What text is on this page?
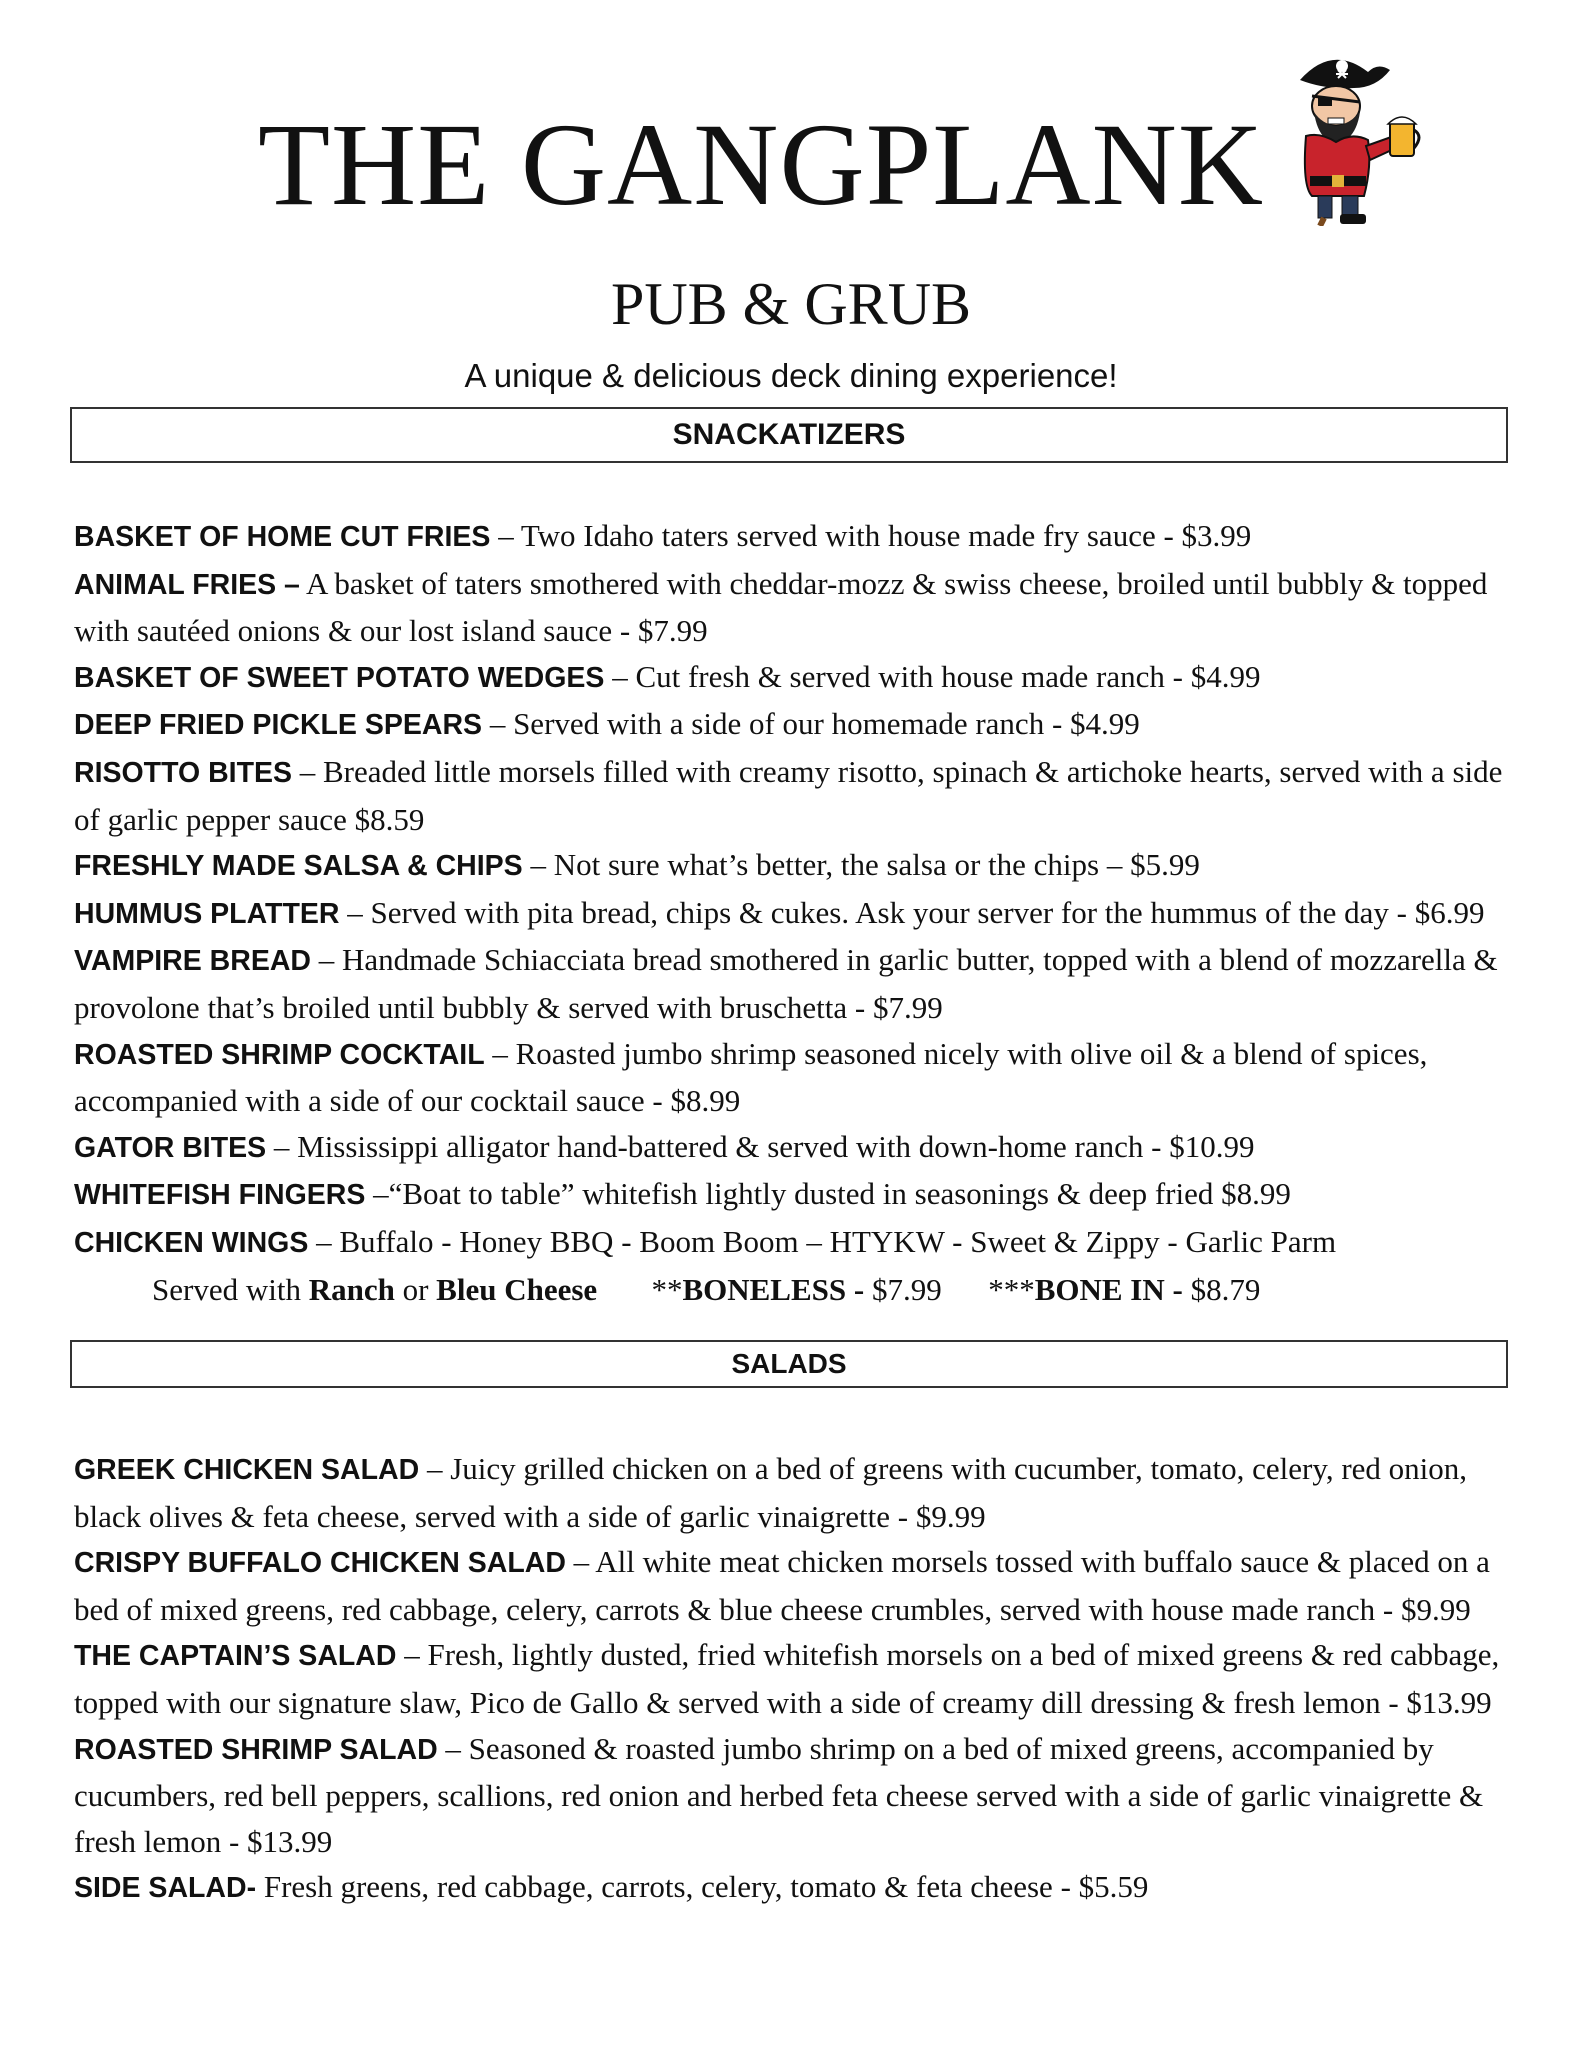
THE GANGPLANK
PUB & GRUB
A unique & delicious deck dining experience!
SNACKATIZERS
BASKET OF HOME CUT FRIES – Two Idaho taters served with house made fry sauce - $3.99
ANIMAL FRIES – A basket of taters smothered with cheddar-mozz & swiss cheese, broiled until bubbly & topped with sautéed onions & our lost island sauce - $7.99
BASKET OF SWEET POTATO WEDGES – Cut fresh & served with house made ranch - $4.99
DEEP FRIED PICKLE SPEARS – Served with a side of our homemade ranch - $4.99
RISOTTO BITES – Breaded little morsels filled with creamy risotto, spinach & artichoke hearts, served with a side of garlic pepper sauce $8.59
FRESHLY MADE SALSA & CHIPS – Not sure what’s better, the salsa or the chips – $5.99
HUMMUS PLATTER – Served with pita bread, chips & cukes. Ask your server for the hummus of the day - $6.99
VAMPIRE BREAD – Handmade Schiacciata bread smothered in garlic butter, topped with a blend of mozzarella & provolone that’s broiled until bubbly & served with bruschetta - $7.99
ROASTED SHRIMP COCKTAIL – Roasted jumbo shrimp seasoned nicely with olive oil & a blend of spices, accompanied with a side of our cocktail sauce - $8.99
GATOR BITES – Mississippi alligator hand-battered & served with down-home ranch - $10.99
WHITEFISH FINGERS –“Boat to table” whitefish lightly dusted in seasonings & deep fried $8.99
CHICKEN WINGS – Buffalo - Honey BBQ - Boom Boom – HTYKW - Sweet & Zippy - Garlic Parm
Served with Ranch or Bleu Cheese       **BONELESS - $7.99      ***BONE IN - $8.79
SALADS
GREEK CHICKEN SALAD – Juicy grilled chicken on a bed of greens with cucumber, tomato, celery, red onion, black olives & feta cheese, served with a side of garlic vinaigrette - $9.99
CRISPY BUFFALO CHICKEN SALAD – All white meat chicken morsels tossed with buffalo sauce & placed on a bed of mixed greens, red cabbage, celery, carrots & blue cheese crumbles, served with house made ranch - $9.99
THE CAPTAIN’S SALAD – Fresh, lightly dusted, fried whitefish morsels on a bed of mixed greens & red cabbage, topped with our signature slaw, Pico de Gallo & served with a side of creamy dill dressing & fresh lemon - $13.99
ROASTED SHRIMP SALAD – Seasoned & roasted jumbo shrimp on a bed of mixed greens, accompanied by cucumbers, red bell peppers, scallions, red onion and herbed feta cheese served with a side of garlic vinaigrette & fresh lemon - $13.99
SIDE SALAD- Fresh greens, red cabbage, carrots, celery, tomato & feta cheese - $5.59
